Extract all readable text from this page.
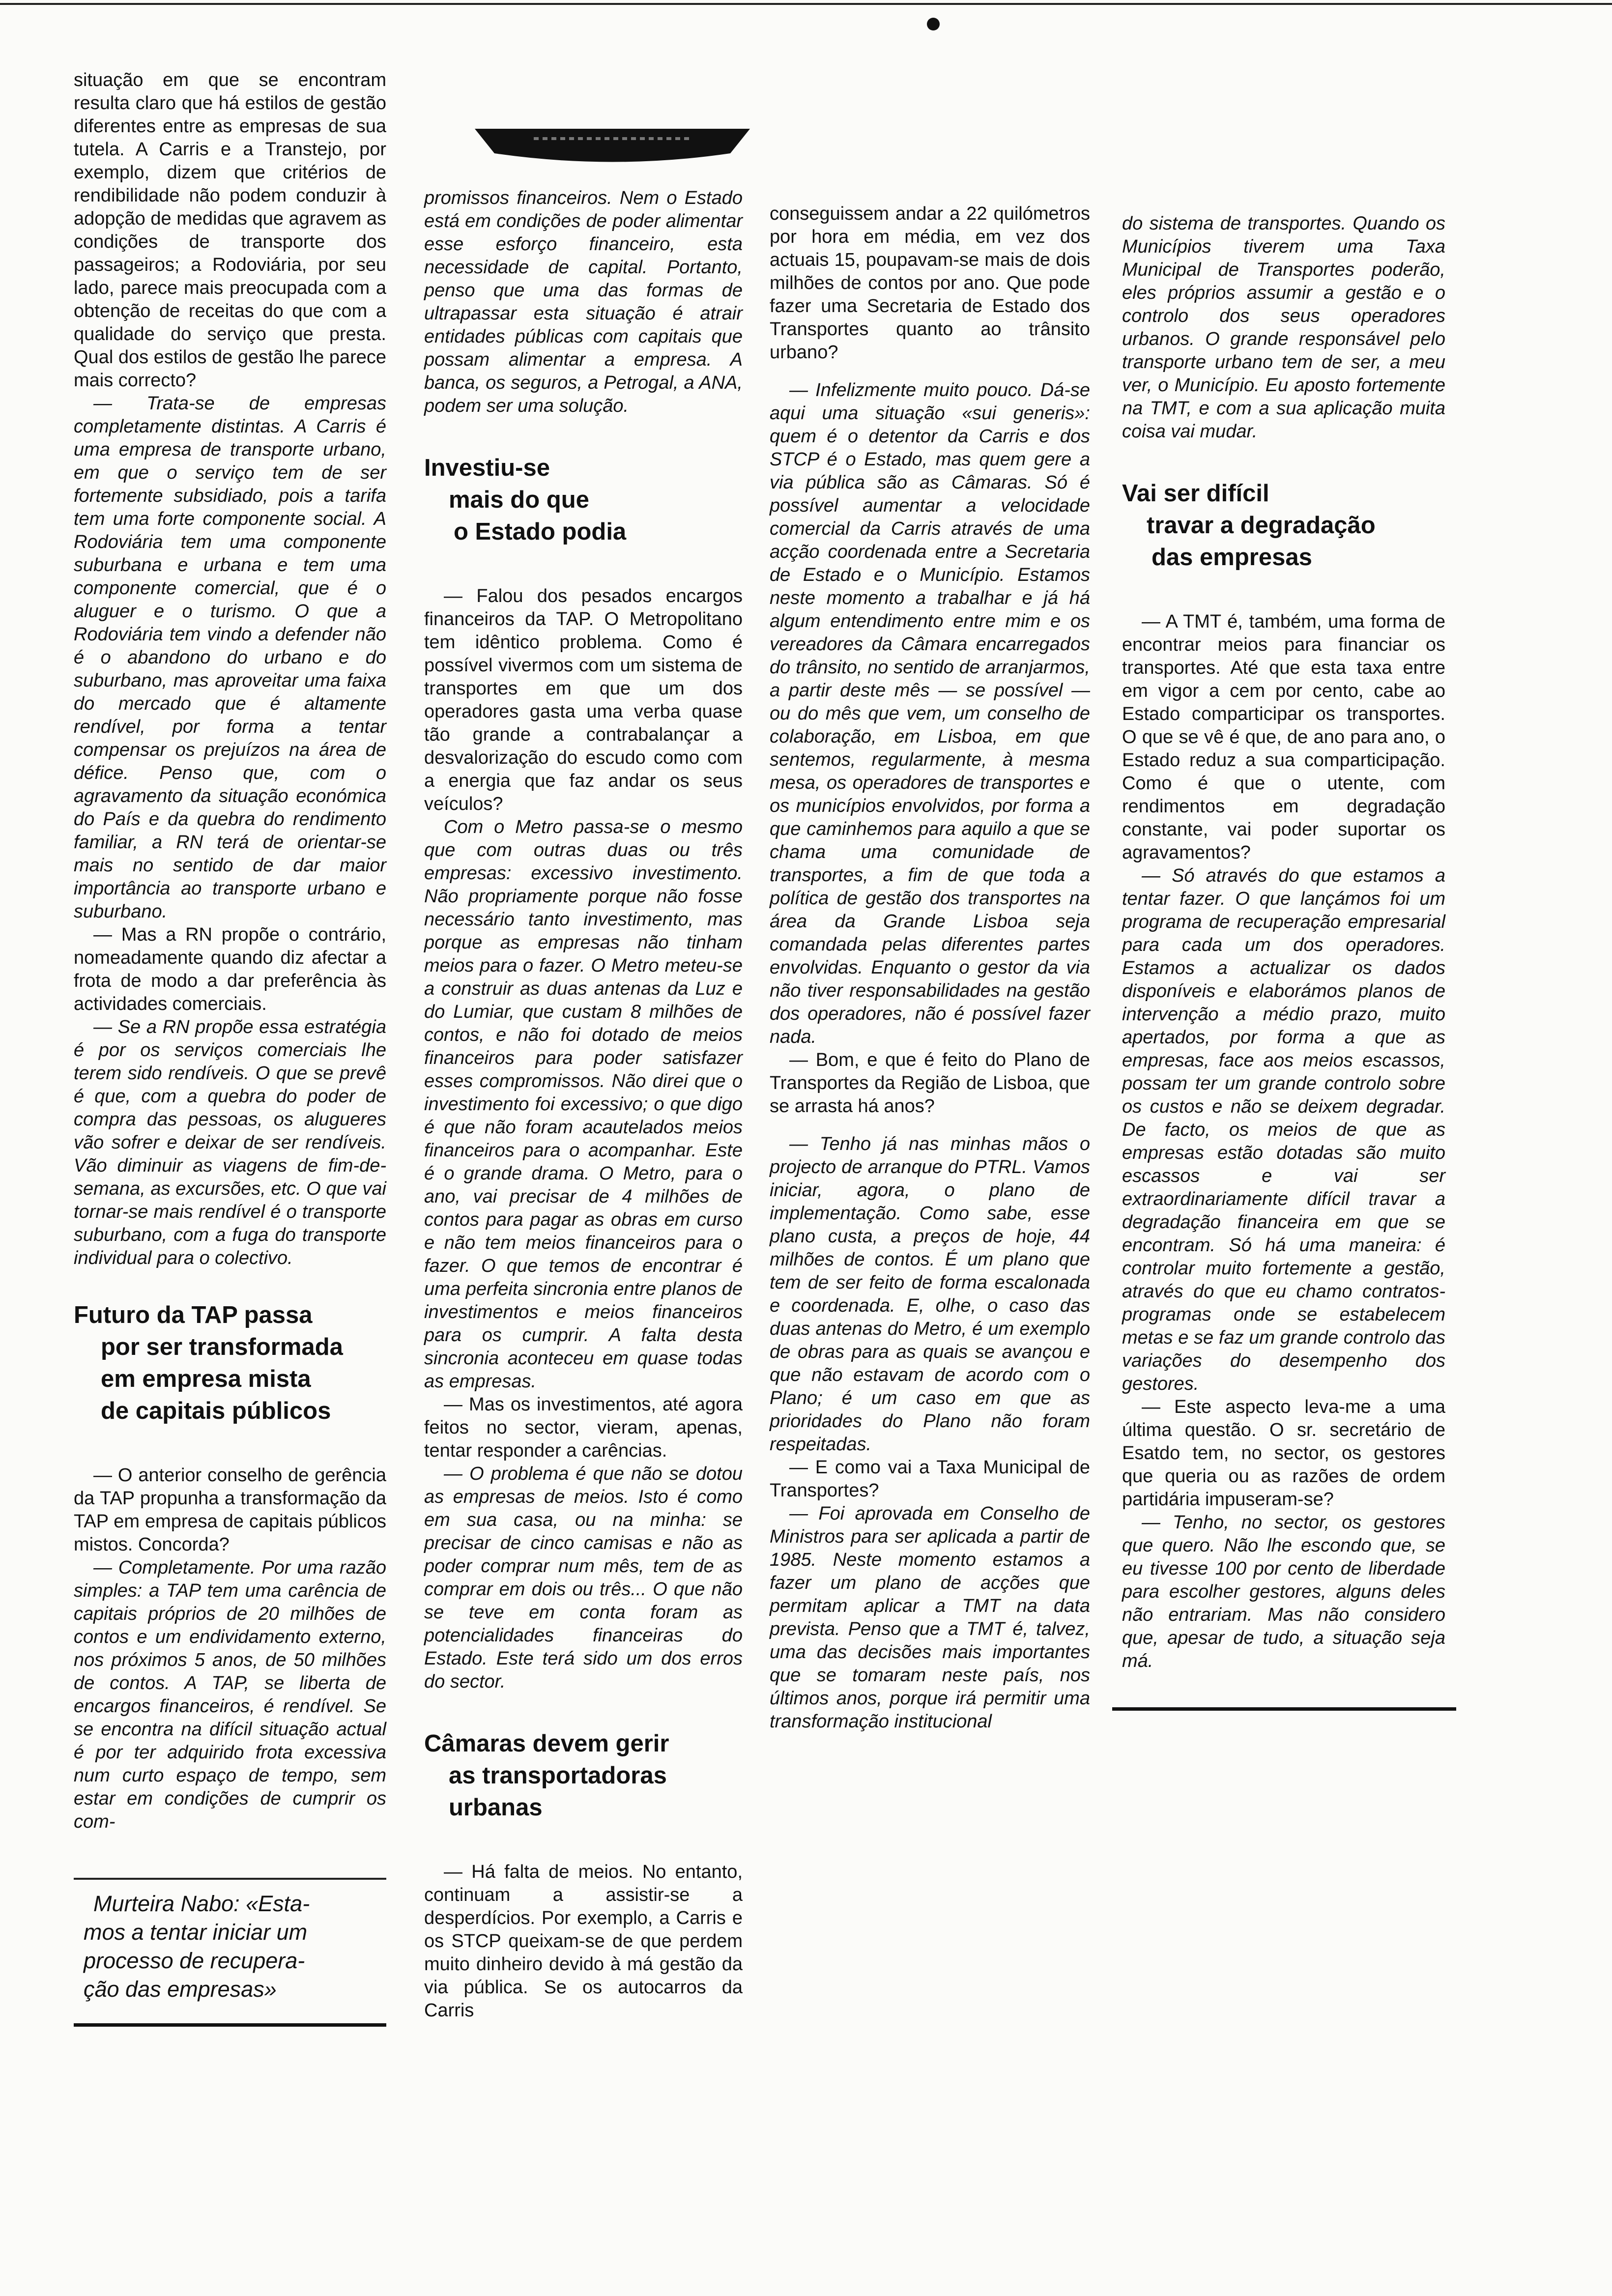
situação em que se encontram resulta claro que há estilos de gestão diferentes entre as empresas de sua tutela. A Carris e a Transtejo, por exemplo, dizem que critérios de rendibilidade não podem conduzir à adopção de medidas que agravem as condições de transporte dos passageiros; a Rodoviária, por seu lado, parece mais preocupada com a obtenção de receitas do que com a qualidade do serviço que presta. Qual dos estilos de gestão lhe parece mais correcto?

— Trata-se de empresas completamente distintas. A Carris é uma empresa de transporte urbano, em que o serviço tem de ser fortemente subsidiado, pois a tarifa tem uma forte componente social. A Rodoviária tem uma componente suburbana e urbana e tem uma componente comercial, que é o aluguer e o turismo. O que a Rodoviária tem vindo a defender não é o abandono do urbano e do suburbano, mas aproveitar uma faixa do mercado que é altamente rendível, por forma a tentar compensar os prejuízos na área de défice. Penso que, com o agravamento da situação económica do País e da quebra do rendimento familiar, a RN terá de orientar-se mais no sentido de dar maior importância ao transporte urbano e suburbano.

— Mas a RN propõe o contrário, nomeadamente quando diz afectar a frota de modo a dar preferência às actividades comerciais.

— Se a RN propõe essa estratégia é por os serviços comerciais lhe terem sido rendíveis. O que se prevê é que, com a quebra do poder de compra das pessoas, os alugueres vão sofrer e deixar de ser rendíveis. Vão diminuir as viagens de fim-de-semana, as excursões, etc. O que vai tornar-se mais rendível é o transporte suburbano, com a fuga do transporte individual para o colectivo.

Futuro da TAP passa
por ser transformada
em empresa mista
de capitais públicos

— O anterior conselho de gerência da TAP propunha a transformação da TAP em empresa de capitais públicos mistos. Concorda?

— Completamente. Por uma razão simples: a TAP tem uma carência de capitais próprios de 20 milhões de contos e um endividamento externo, nos próximos 5 anos, de 50 milhões de contos. A TAP, se liberta de encargos financeiros, é rendível. Se se encontra na difícil situação actual é por ter adquirido frota excessiva num curto espaço de tempo, sem estar em condições de cumprir os com-

Murteira Nabo: «Esta-
mos a tentar iniciar um
processo de recupera-
ção das empresas»

promissos financeiros. Nem o Estado está em condições de poder alimentar esse esforço financeiro, esta necessidade de capital. Portanto, penso que uma das formas de ultrapassar esta situação é atrair entidades públicas com capitais que possam alimentar a empresa. A banca, os seguros, a Petrogal, a ANA, podem ser uma solução.

Investiu-se
mais do que
o Estado podia

— Falou dos pesados encargos financeiros da TAP. O Metropolitano tem idêntico problema. Como é possível vivermos com um sistema de transportes em que um dos operadores gasta uma verba quase tão grande a contrabalançar a desvalorização do escudo como com a energia que faz andar os seus veículos?

Com o Metro passa-se o mesmo que com outras duas ou três empresas: excessivo investimento. Não propriamente porque não fosse necessário tanto investimento, mas porque as empresas não tinham meios para o fazer. O Metro meteu-se a construir as duas antenas da Luz e do Lumiar, que custam 8 milhões de contos, e não foi dotado de meios financeiros para poder satisfazer esses compromissos. Não direi que o investimento foi excessivo; o que digo é que não foram acautelados meios financeiros para o acompanhar. Este é o grande drama. O Metro, para o ano, vai precisar de 4 milhões de contos para pagar as obras em curso e não tem meios financeiros para o fazer. O que temos de encontrar é uma perfeita sincronia entre planos de investimentos e meios financeiros para os cumprir. A falta desta sincronia aconteceu em quase todas as empresas.

— Mas os investimentos, até agora feitos no sector, vieram, apenas, tentar responder a carências.

— O problema é que não se dotou as empresas de meios. Isto é como em sua casa, ou na minha: se precisar de cinco camisas e não as poder comprar num mês, tem de as comprar em dois ou três... O que não se teve em conta foram as potencialidades financeiras do Estado. Este terá sido um dos erros do sector.

Câmaras devem gerir
as transportadoras
urbanas

— Há falta de meios. No entanto, continuam a assistir-se a desperdícios. Por exemplo, a Carris e os STCP queixam-se de que perdem muito dinheiro devido à má gestão da via pública. Se os autocarros da Carris

conseguissem andar a 22 quilómetros por hora em média, em vez dos actuais 15, poupavam-se mais de dois milhões de contos por ano. Que pode fazer uma Secretaria de Estado dos Transportes quanto ao trânsito urbano?

— Infelizmente muito pouco. Dá-se aqui uma situação «sui generis»: quem é o detentor da Carris e dos STCP é o Estado, mas quem gere a via pública são as Câmaras. Só é possível aumentar a velocidade comercial da Carris através de uma acção coordenada entre a Secretaria de Estado e o Município. Estamos neste momento a trabalhar e já há algum entendimento entre mim e os vereadores da Câmara encarregados do trânsito, no sentido de arranjarmos, a partir deste mês — se possível — ou do mês que vem, um conselho de colaboração, em Lisboa, em que sentemos, regularmente, à mesma mesa, os operadores de transportes e os municípios envolvidos, por forma a que caminhemos para aquilo a que se chama uma comunidade de transportes, a fim de que toda a política de gestão dos transportes na área da Grande Lisboa seja comandada pelas diferentes partes envolvidas. Enquanto o gestor da via não tiver responsabilidades na gestão dos operadores, não é possível fazer nada.

— Bom, e que é feito do Plano de Transportes da Região de Lisboa, que se arrasta há anos?

— Tenho já nas minhas mãos o projecto de arranque do PTRL. Vamos iniciar, agora, o plano de implementação. Como sabe, esse plano custa, a preços de hoje, 44 milhões de contos. É um plano que tem de ser feito de forma escalonada e coordenada. E, olhe, o caso das duas antenas do Metro, é um exemplo de obras para as quais se avançou e que não estavam de acordo com o Plano; é um caso em que as prioridades do Plano não foram respeitadas.

— E como vai a Taxa Municipal de Transportes?

— Foi aprovada em Conselho de Ministros para ser aplicada a partir de 1985. Neste momento estamos a fazer um plano de acções que permitam aplicar a TMT na data prevista. Penso que a TMT é, talvez, uma das decisões mais importantes que se tomaram neste país, nos últimos anos, porque irá permitir uma transformação institucional

do sistema de transportes. Quando os Municípios tiverem uma Taxa Municipal de Transportes poderão, eles próprios assumir a gestão e o controlo dos seus operadores urbanos. O grande responsável pelo transporte urbano tem de ser, a meu ver, o Município. Eu aposto fortemente na TMT, e com a sua aplicação muita coisa vai mudar.

Vai ser difícil
travar a degradação
das empresas

— A TMT é, também, uma forma de encontrar meios para financiar os transportes. Até que esta taxa entre em vigor a cem por cento, cabe ao Estado comparticipar os transportes. O que se vê é que, de ano para ano, o Estado reduz a sua comparticipação. Como é que o utente, com rendimentos em degradação constante, vai poder suportar os agravamentos?

— Só através do que estamos a tentar fazer. O que lançámos foi um programa de recuperação empresarial para cada um dos operadores. Estamos a actualizar os dados disponíveis e elaborámos planos de intervenção a médio prazo, muito apertados, por forma a que as empresas, face aos meios escassos, possam ter um grande controlo sobre os custos e não se deixem degradar. De facto, os meios de que as empresas estão dotadas são muito escassos e vai ser extraordinariamente difícil travar a degradação financeira em que se encontram. Só há uma maneira: é controlar muito fortemente a gestão, através do que eu chamo contratos-programas onde se estabelecem metas e se faz um grande controlo das variações do desempenho dos gestores.

— Este aspecto leva-me a uma última questão. O sr. secretário de Esatdo tem, no sector, os gestores que queria ou as razões de ordem partidária impuseram-se?

— Tenho, no sector, os gestores que quero. Não lhe escondo que, se eu tivesse 100 por cento de liberdade para escolher gestores, alguns deles não entrariam. Mas não considero que, apesar de tudo, a situação seja má.
